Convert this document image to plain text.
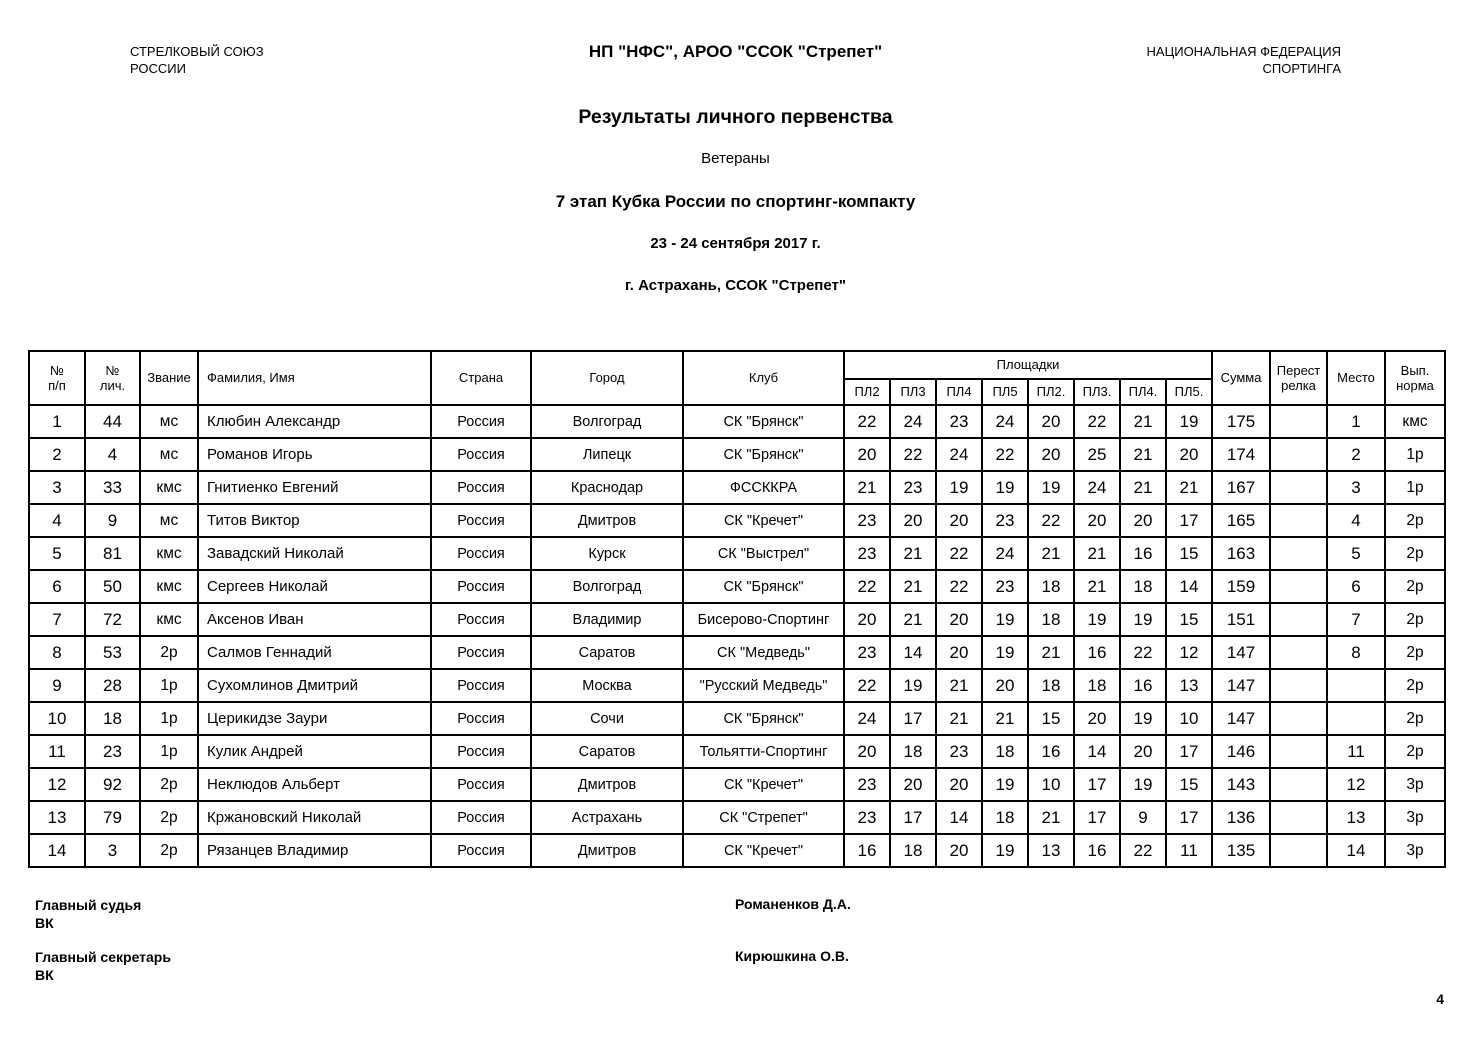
СТРЕЛКОВЫЙ СОЮЗ
РОССИИ
НП "НФС", АРОО "ССОК "Стрепет"	НАЦИОНАЛЬНАЯ ФЕДЕРАЦИЯ
СПОРТИНГА
Результаты личного первенства
Ветераны
7 этап Кубка России по спортинг-компакту
23 - 24 сентября 2017 г.
г. Астрахань, ССОК "Стрепет"
№
п/п	№
лич.	Звание	Фамилия, Имя	Страна	Город	Клуб	Площадки								Сумма	Перестрелка	Место	Вып.
норма
							ПЛ2	ПЛ3	ПЛ4	ПЛ5	ПЛ2.	ПЛ3.	ПЛ4.	ПЛ5.				
1	44	мс	Клюбин Александр	Россия	Волгоград	СК "Брянск"	22	24	23	24	20	22	21	19	175		1	кмс
2	4	мс	Романов Игорь	Россия	Липецк	СК "Брянск"	20	22	24	22	20	25	21	20	174		2	1р
3	33	кмс	Гнитиенко Евгений	Россия	Краснодар	ФССККРА	21	23	19	19	19	24	21	21	167		3	1р
4	9	мс	Титов Виктор	Россия	Дмитров	СК "Кречет"	23	20	20	23	22	20	20	17	165		4	2р
5	81	кмс	Завадский Николай	Россия	Курск	СК "Выстрел"	23	21	22	24	21	21	16	15	163		5	2р
6	50	кмс	Сергеев Николай	Россия	Волгоград	СК "Брянск"	22	21	22	23	18	21	18	14	159		6	2р
7	72	кмс	Аксенов Иван	Россия	Владимир	Бисерово-Спортинг	20	21	20	19	18	19	19	15	151		7	2р
8	53	2р	Салмов Геннадий	Россия	Саратов	СК "Медведь"	23	14	20	19	21	16	22	12	147		8	2р
9	28	1р	Сухомлинов Дмитрий	Россия	Москва	"Русский Медведь"	22	19	21	20	18	18	16	13	147			2р
10	18	1р	Церикидзе Заури	Россия	Сочи	СК "Брянск"	24	17	21	21	15	20	19	10	147			2р
11	23	1р	Кулик Андрей	Россия	Саратов	Тольятти-Спортинг	20	18	23	18	16	14	20	17	146		11	2р
12	92	2р	Неклюдов Альберт	Россия	Дмитров	СК "Кречет"	23	20	20	19	10	17	19	15	143		12	3р
13	79	2р	Кржановский Николай	Россия	Астрахань	СК "Стрепет"	23	17	14	18	21	17	9	17	136		13	3р
14	3	2р	Рязанцев Владимир	Россия	Дмитров	СК "Кречет"	16	18	20	19	13	16	22	11	135		14	3р
Главный судья
ВК
Романенков Д.А.
Главный секретарь
ВК
Кирюшкина О.В.
4
